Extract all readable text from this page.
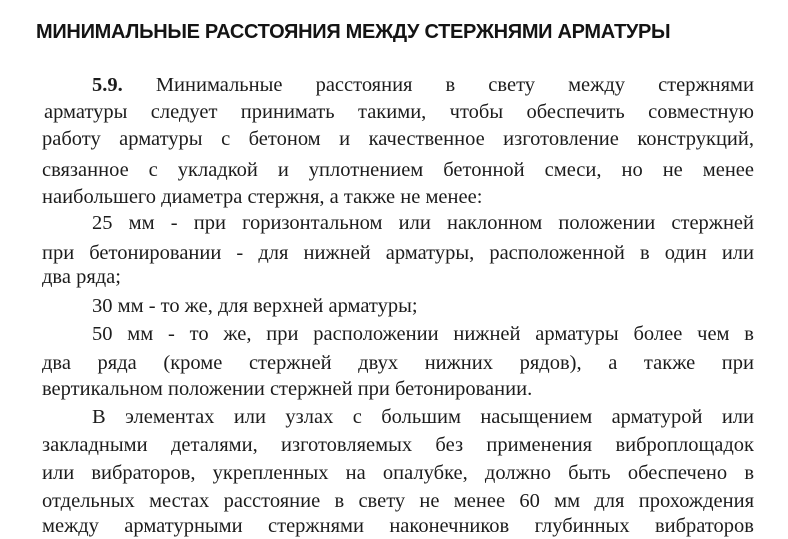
МИНИМАЛЬНЫЕ РАССТОЯНИЯ МЕЖДУ СТЕРЖНЯМИ АРМАТУРЫ
5.9. Минимальные расстояния в свету между стержнями
арматуры следует принимать такими, чтобы обеспечить совместную
работу арматуры с бетоном и качественное изготовление конструкций,
связанное с укладкой и уплотнением бетонной смеси, но не менее
наибольшего диаметра стержня, а также не менее:
25 мм - при горизонтальном или наклонном положении стержней
при бетонировании - для нижней арматуры, расположенной в один или
два ряда;
30 мм - то же, для верхней арматуры;
50 мм - то же, при расположении нижней арматуры более чем в
два ряда (кроме стержней двух нижних рядов), а также при
вертикальном положении стержней при бетонировании.
В элементах или узлах с большим насыщением арматурой или
закладными деталями, изготовляемых без применения виброплощадок
или вибраторов, укрепленных на опалубке, должно быть обеспечено в
отдельных местах расстояние в свету не менее 60 мм для прохождения
между арматурными стержнями наконечников глубинных вибраторов
